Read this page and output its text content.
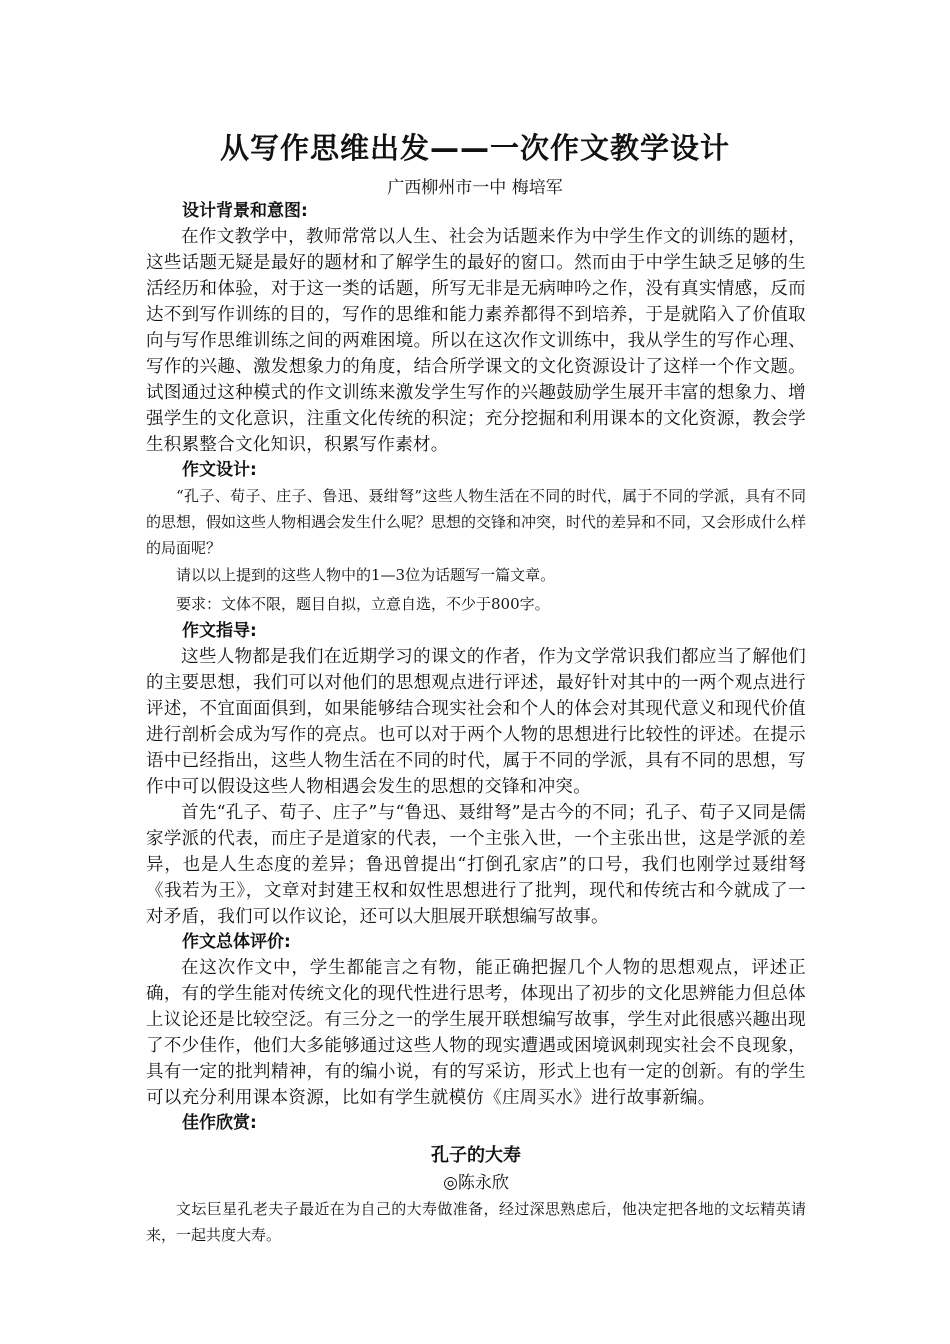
从写作思维出发——一次作文教学设计
广西柳州市一中 梅培军
设计背景和意图:

在作文教学中，教师常常以人生、社会为话题来作为中学生作文的训练的题材，这些话题无疑是最好的题材和了解学生的最好的窗口。然而由于中学生缺乏足够的生活经历和体验，对于这一类的话题，所写无非是无病呻吟之作，没有真实情感，反而达不到写作训练的目的，写作的思维和能力素养都得不到培养，于是就陷入了价值取向与写作思维训练之间的两难困境。所以在这次作文训练中，我从学生的写作心理、写作的兴趣、激发想象力的角度，结合所学课文的文化资源设计了这样一个作文题。试图通过这种模式的作文训练来激发学生写作的兴趣鼓励学生展开丰富的想象力、增强学生的文化意识，注重文化传统的积淀；充分挖掘和利用课本的文化资源，教会学生积累整合文化知识，积累写作素材。

作文设计:

“孔子、荀子、庄子、鲁迅、聂绀弩”这些人物生活在不同的时代，属于不同的学派，具有不同的思想，假如这些人物相遇会发生什么呢？思想的交锋和冲突，时代的差异和不同，又会形成什么样的局面呢？

请以以上提到的这些人物中的1—3位为话题写一篇文章。

要求：文体不限，题目自拟，立意自选，不少于800字。

作文指导:

这些人物都是我们在近期学习的课文的作者，作为文学常识我们都应当了解他们的主要思想，我们可以对他们的思想观点进行评述，最好针对其中的一两个观点进行评述，不宜面面俱到，如果能够结合现实社会和个人的体会对其现代意义和现代价值进行剖析会成为写作的亮点。也可以对于两个人物的思想进行比较性的评述。在提示语中已经指出，这些人物生活在不同的时代，属于不同的学派，具有不同的思想，写作中可以假设这些人物相遇会发生的思想的交锋和冲突。

首先“孔子、荀子、庄子”与“鲁迅、聂绀弩”是古今的不同；孔子、荀子又同是儒家学派的代表，而庄子是道家的代表，一个主张入世，一个主张出世，这是学派的差异，也是人生态度的差异；鲁迅曾提出“打倒孔家店”的口号，我们也刚学过聂绀弩《我若为王》，文章对封建王权和奴性思想进行了批判，现代和传统古和今就成了一对矛盾，我们可以作议论，还可以大胆展开联想编写故事。

作文总体评价:

在这次作文中，学生都能言之有物，能正确把握几个人物的思想观点，评述正确，有的学生能对传统文化的现代性进行思考，体现出了初步的文化思辨能力但总体上议论还是比较空泛。有三分之一的学生展开联想编写故事，学生对此很感兴趣出现了不少佳作，他们大多能够通过这些人物的现实遭遇或困境讽刺现实社会不良现象，具有一定的批判精神，有的编小说，有的写采访，形式上也有一定的创新。有的学生可以充分利用课本资源，比如有学生就模仿《庄周买水》进行故事新编。

佳作欣赏:
孔子的大寿
◎陈永欣

文坛巨星孔老夫子最近在为自己的大寿做准备，经过深思熟虑后，他决定把各地的文坛精英请来，一起共度大寿。
